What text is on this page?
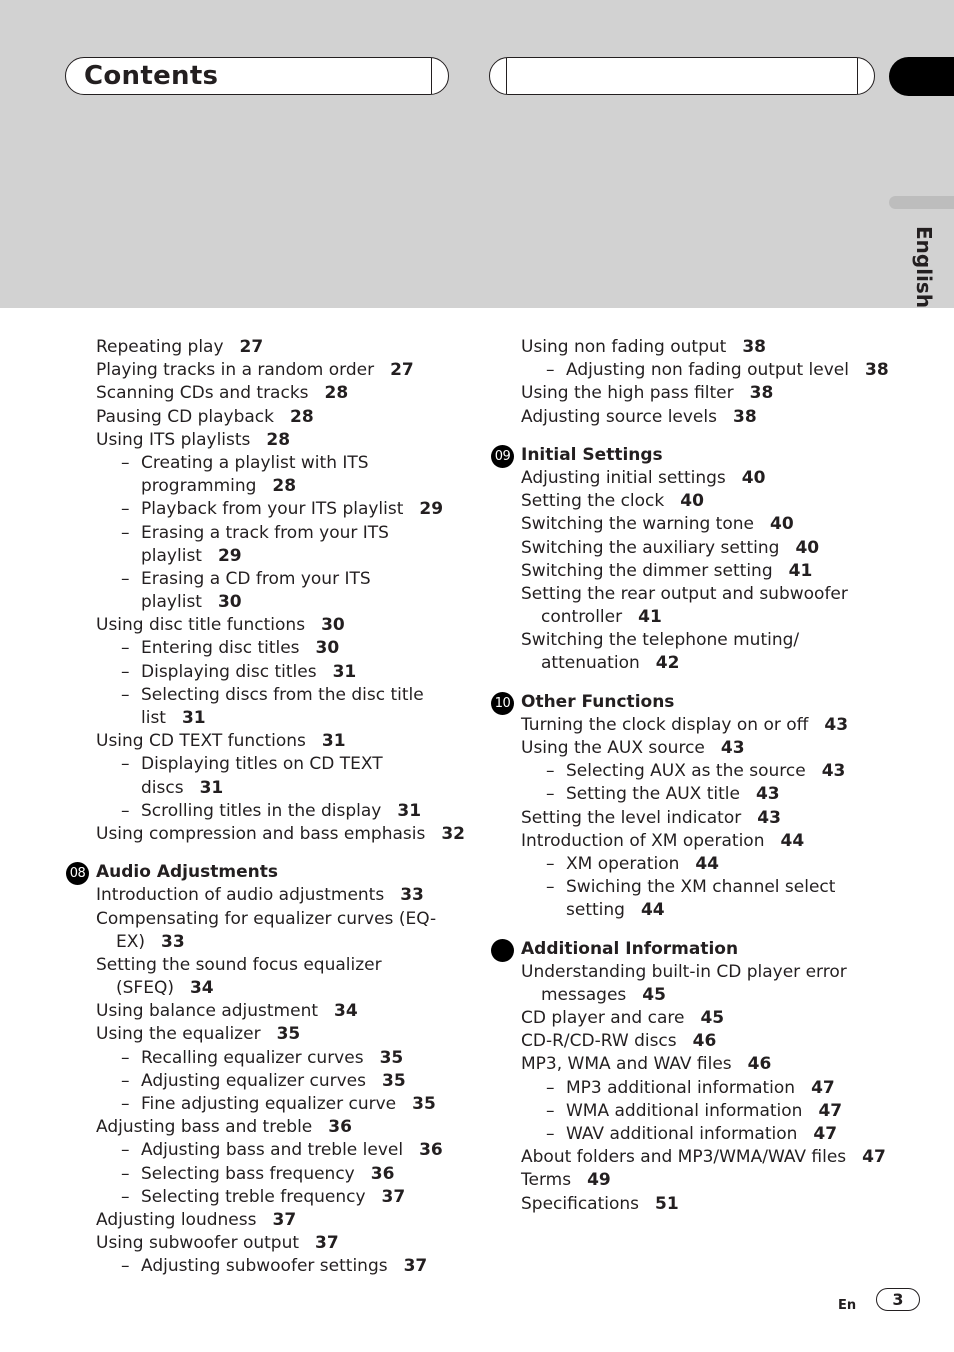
Contents
English
Repeating play 27
Playing tracks in a random order 27
Scanning CDs and tracks 28
Pausing CD playback 28
Using ITS playlists 28
– Creating a playlist with ITS
programming 28
– Playback from your ITS playlist 29
– Erasing a track from your ITS
playlist 29
– Erasing a CD from your ITS
playlist 30
Using disc title functions 30
– Entering disc titles 30
– Displaying disc titles 31
– Selecting discs from the disc title
list 31
Using CD TEXT functions 31
– Displaying titles on CD TEXT
discs 31
– Scrolling titles in the display 31
Using compression and bass emphasis 32
08 Audio Adjustments
Introduction of audio adjustments 33
Compensating for equalizer curves (EQ-
EX) 33
Setting the sound focus equalizer
(SFEQ) 34
Using balance adjustment 34
Using the equalizer 35
– Recalling equalizer curves 35
– Adjusting equalizer curves 35
– Fine adjusting equalizer curve 35
Adjusting bass and treble 36
– Adjusting bass and treble level 36
– Selecting bass frequency 36
– Selecting treble frequency 37
Adjusting loudness 37
Using subwoofer output 37
– Adjusting subwoofer settings 37
Using non fading output 38
– Adjusting non fading output level 38
Using the high pass filter 38
Adjusting source levels 38
09 Initial Settings
Adjusting initial settings 40
Setting the clock 40
Switching the warning tone 40
Switching the auxiliary setting 40
Switching the dimmer setting 41
Setting the rear output and subwoofer
controller 41
Switching the telephone muting/
attenuation 42
10 Other Functions
Turning the clock display on or off 43
Using the AUX source 43
– Selecting AUX as the source 43
– Setting the AUX title 43
Setting the level indicator 43
Introduction of XM operation 44
– XM operation 44
– Swiching the XM channel select
setting 44
Additional Information
Understanding built-in CD player error
messages 45
CD player and care 45
CD-R/CD-RW discs 46
MP3, WMA and WAV files 46
– MP3 additional information 47
– WMA additional information 47
– WAV additional information 47
About folders and MP3/WMA/WAV files 47
Terms 49
Specifications 51
En	3
